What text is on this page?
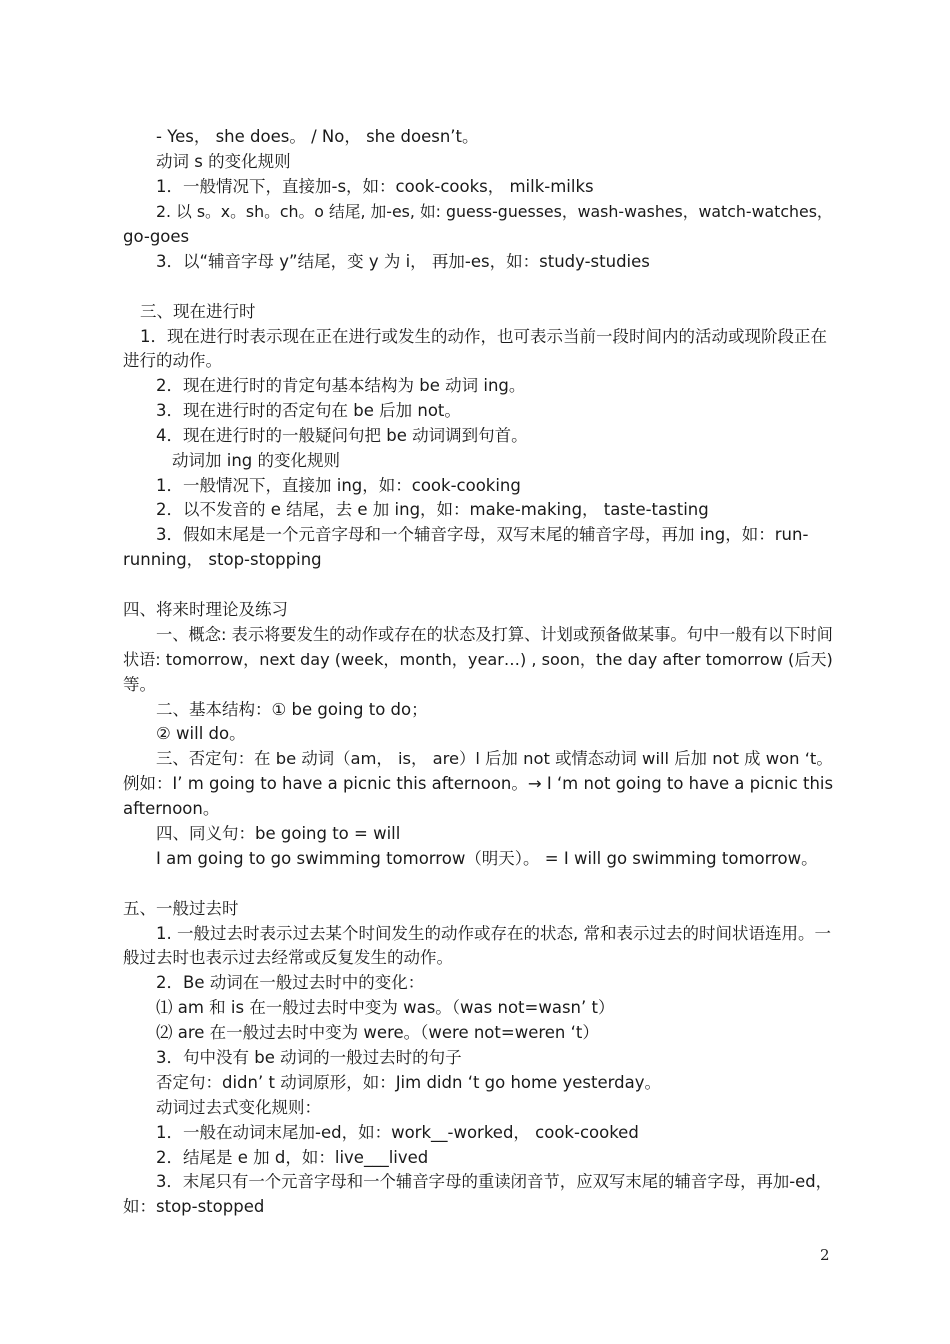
- Yes， she does。 / No， she doesn’t。
动词 s 的变化规则
1．一般情况下，直接加-s，如：cook-cooks， milk-milks
2. 以 s。x。sh。ch。o 结尾, 加-es, 如: guess-guesses，wash-washes，watch-watches，
go-goes
3．以“辅音字母 y”结尾，变 y 为 i， 再加-es，如：study-studies
三、现在进行时
1．现在进行时表示现在正在进行或发生的动作，也可表示当前一段时间内的活动或现阶段正在
进行的动作。
2．现在进行时的肯定句基本结构为 be 动词 ing。
3．现在进行时的否定句在 be 后加 not。
4．现在进行时的一般疑问句把 be 动词调到句首。
动词加 ing 的变化规则
1．一般情况下，直接加 ing，如：cook-cooking
2．以不发音的 e 结尾，去 e 加 ing，如：make-making， taste-tasting
3．假如末尾是一个元音字母和一个辅音字母，双写末尾的辅音字母，再加 ing，如：run-
running， stop-stopping
四、将来时理论及练习
一、概念: 表示将要发生的动作或存在的状态及打算、计划或预备做某事。句中一般有以下时间
状语: tomorrow，next day (week，month，year…) , soon，the day after tomorrow (后天)
等。
二、基本结构：① be going to do；
② will do。
三、否定句：在 be 动词（am， is， are）l 后加 not 或情态动词 will 后加 not 成 won ‘t。
例如：I’ m going to have a picnic this afternoon。→ I ‘m not going to have a picnic this
afternoon。
四、同义句：be going to = will
I am going to go swimming tomorrow（明天）。 = I will go swimming tomorrow。
五、一般过去时
1. 一般过去时表示过去某个时间发生的动作或存在的状态, 常和表示过去的时间状语连用。一
般过去时也表示过去经常或反复发生的动作。
2．Be 动词在一般过去时中的变化：
⑴ am 和 is 在一般过去时中变为 was。（was not=wasn’ t）
⑵ are 在一般过去时中变为 were。（were not=weren ‘t）
3．句中没有 be 动词的一般过去时的句子
否定句：didn’ t 动词原形，如：Jim didn ‘t go home yesterday。
动词过去式变化规则：
1．一般在动词末尾加-ed，如：work__-worked， cook-cooked
2．结尾是 e 加 d，如：live___lived
3．末尾只有一个元音字母和一个辅音字母的重读闭音节，应双写末尾的辅音字母，再加-ed，
如：stop-stopped
2
